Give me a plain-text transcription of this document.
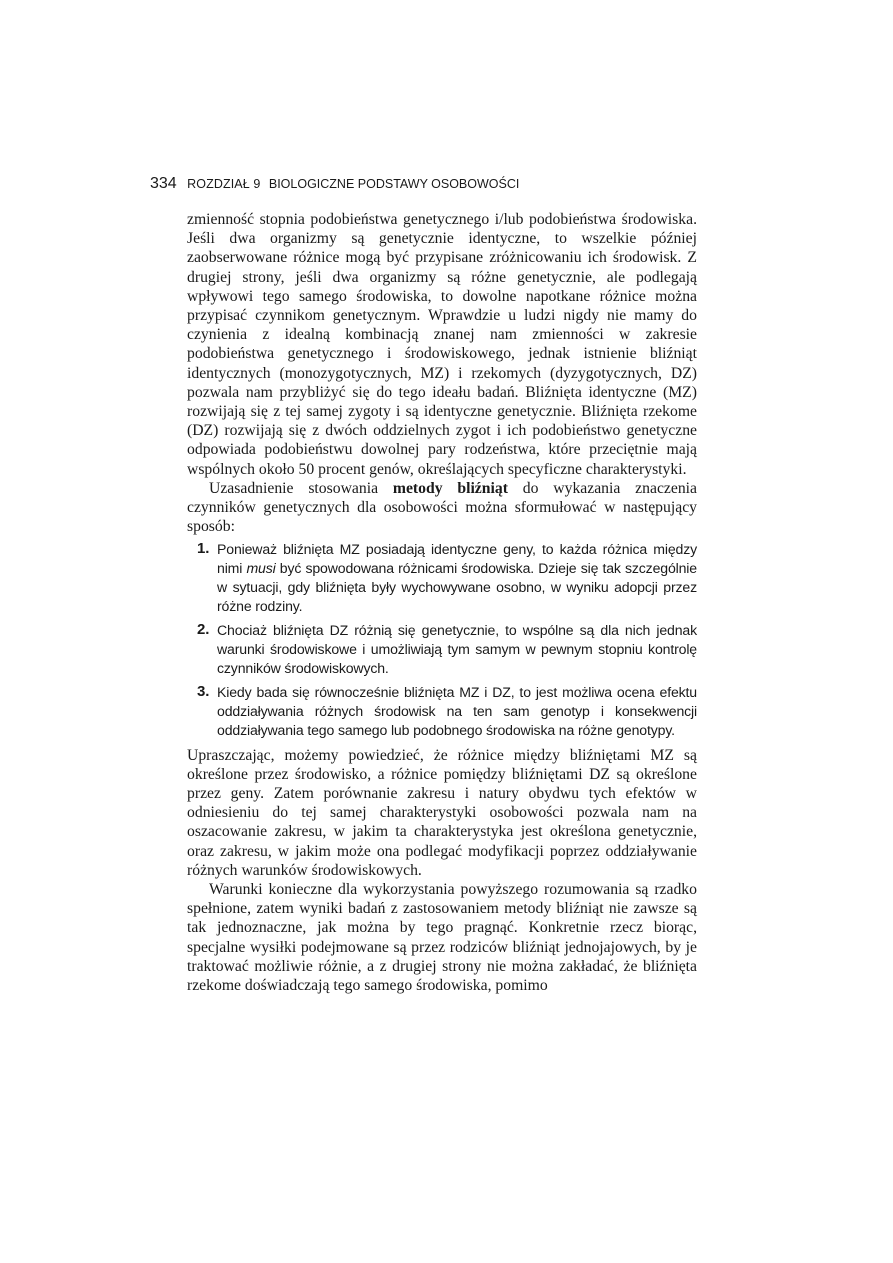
334 ROZDZIAŁ 9 BIOLOGICZNE PODSTAWY OSOBOWOŚCI

zmienność stopnia podobieństwa genetycznego i/lub podobieństwa środowiska. Jeśli dwa organizmy są genetycznie identyczne, to wszelkie później zaobserwowane różnice mogą być przypisane zróżnicowaniu ich środowisk. Z drugiej strony, jeśli dwa organizmy są różne genetycznie, ale podlegają wpływowi tego samego środowiska, to dowolne napotkane różnice można przypisać czynnikom genetycznym. Wprawdzie u ludzi nigdy nie mamy do czynienia z idealną kombinacją znanej nam zmienności w zakresie podobieństwa genetycznego i środowiskowego, jednak istnienie bliźniąt identycznych (monozygotycznych, MZ) i rzekomych (dyzygotycznych, DZ) pozwala nam przybliżyć się do tego ideału badań. Bliźnięta identyczne (MZ) rozwijają się z tej samej zygoty i są identyczne genetycznie. Bliźnięta rzekome (DZ) rozwijają się z dwóch oddzielnych zygot i ich podobieństwo genetyczne odpowiada podobieństwu dowolnej pary rodzeństwa, które przeciętnie mają wspólnych około 50 procent genów, określających specyficzne charakterystyki.

Uzasadnienie stosowania metody bliźniąt do wykazania znaczenia czynników genetycznych dla osobowości można sformułować w następujący sposób:

1. Ponieważ bliźnięta MZ posiadają identyczne geny, to każda różnica między nimi musi być spowodowana różnicami środowiska. Dzieje się tak szczególnie w sytuacji, gdy bliźnięta były wychowywane osobno, w wyniku adopcji przez różne rodziny.
2. Chociaż bliźnięta DZ różnią się genetycznie, to wspólne są dla nich jednak warunki środowiskowe i umożliwiają tym samym w pewnym stopniu kontrolę czynników środowiskowych.
3. Kiedy bada się równocześnie bliźnięta MZ i DZ, to jest możliwa ocena efektu oddziaływania różnych środowisk na ten sam genotyp i konsekwencji oddziaływania tego samego lub podobnego środowiska na różne genotypy.

Upraszczając, możemy powiedzieć, że różnice między bliźniętami MZ są określone przez środowisko, a różnice pomiędzy bliźniętami DZ są określone przez geny. Zatem porównanie zakresu i natury obydwu tych efektów w odniesieniu do tej samej charakterystyki osobowości pozwala nam na oszacowanie zakresu, w jakim ta charakterystyka jest określona genetycznie, oraz zakresu, w jakim może ona podlegać modyfikacji poprzez oddziaływanie różnych warunków środowiskowych.

Warunki konieczne dla wykorzystania powyższego rozumowania są rzadko spełnione, zatem wyniki badań z zastosowaniem metody bliźniąt nie zawsze są tak jednoznaczne, jak można by tego pragnąć. Konkretnie rzecz biorąc, specjalne wysiłki podejmowane są przez rodziców bliźniąt jednojajowych, by je traktować możliwie różnie, a z drugiej strony nie można zakładać, że bliźnięta rzekome doświadczają tego samego środowiska, pomimo
